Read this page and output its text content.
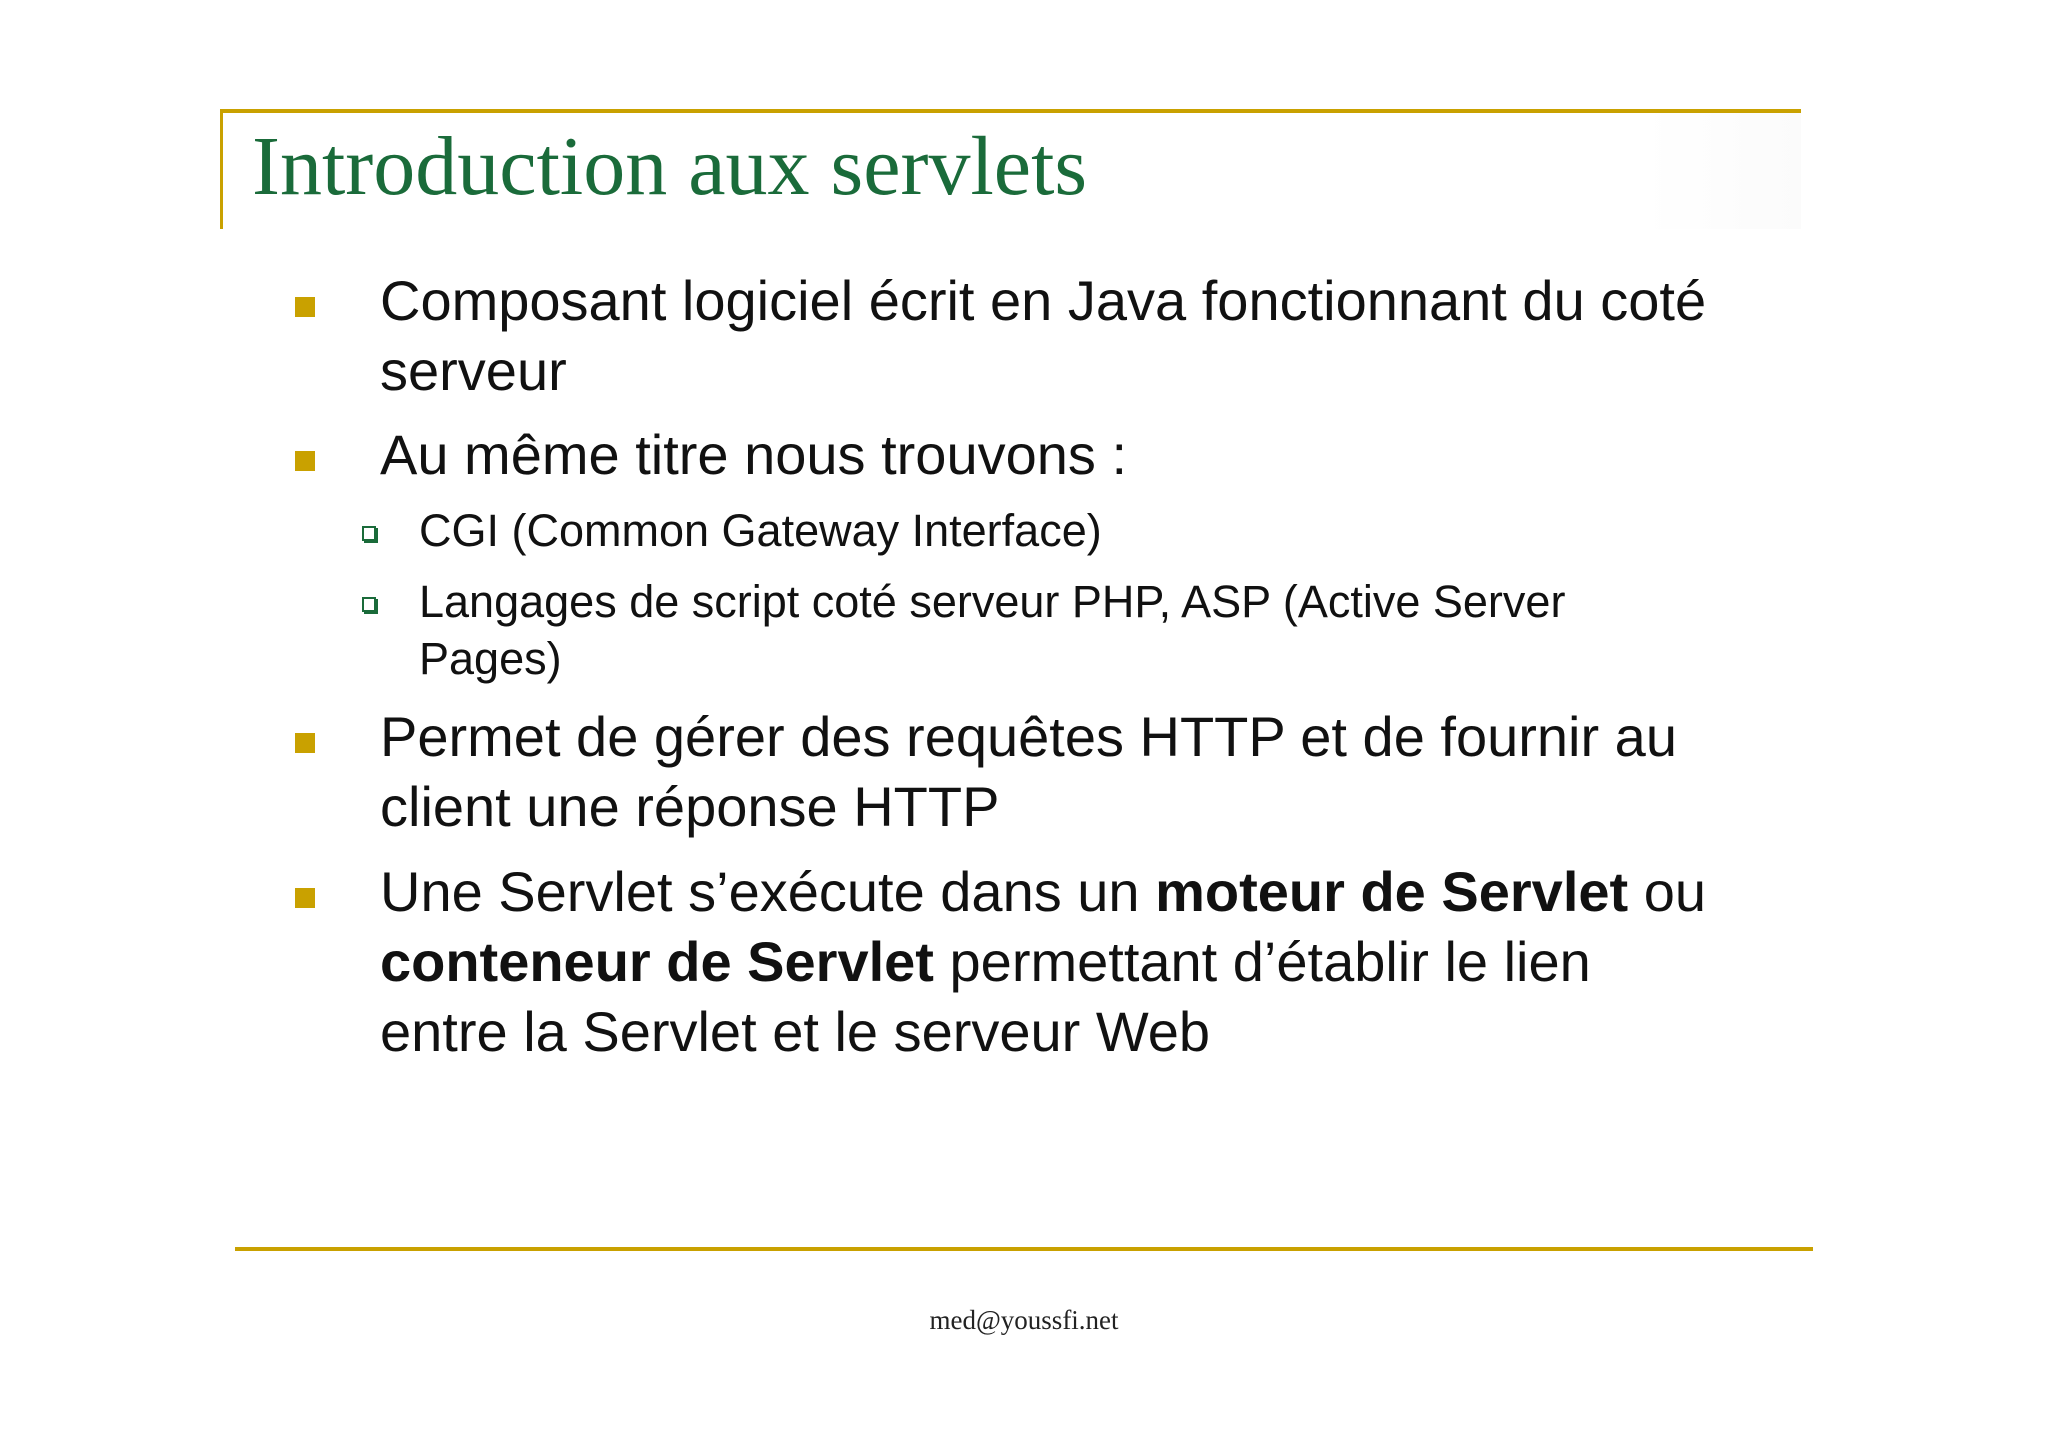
Introduction aux servlets
Composant logiciel écrit en Java fonctionnant du coté serveur
Au même titre nous trouvons :
CGI (Common Gateway Interface)
Langages de script coté serveur PHP, ASP (Active Server Pages)
Permet de gérer des requêtes HTTP et de fournir au client une réponse HTTP
Une Servlet s’exécute dans un moteur de Servlet ou conteneur de Servlet permettant d’établir le lien entre la Servlet et le serveur Web
med@youssfi.net
